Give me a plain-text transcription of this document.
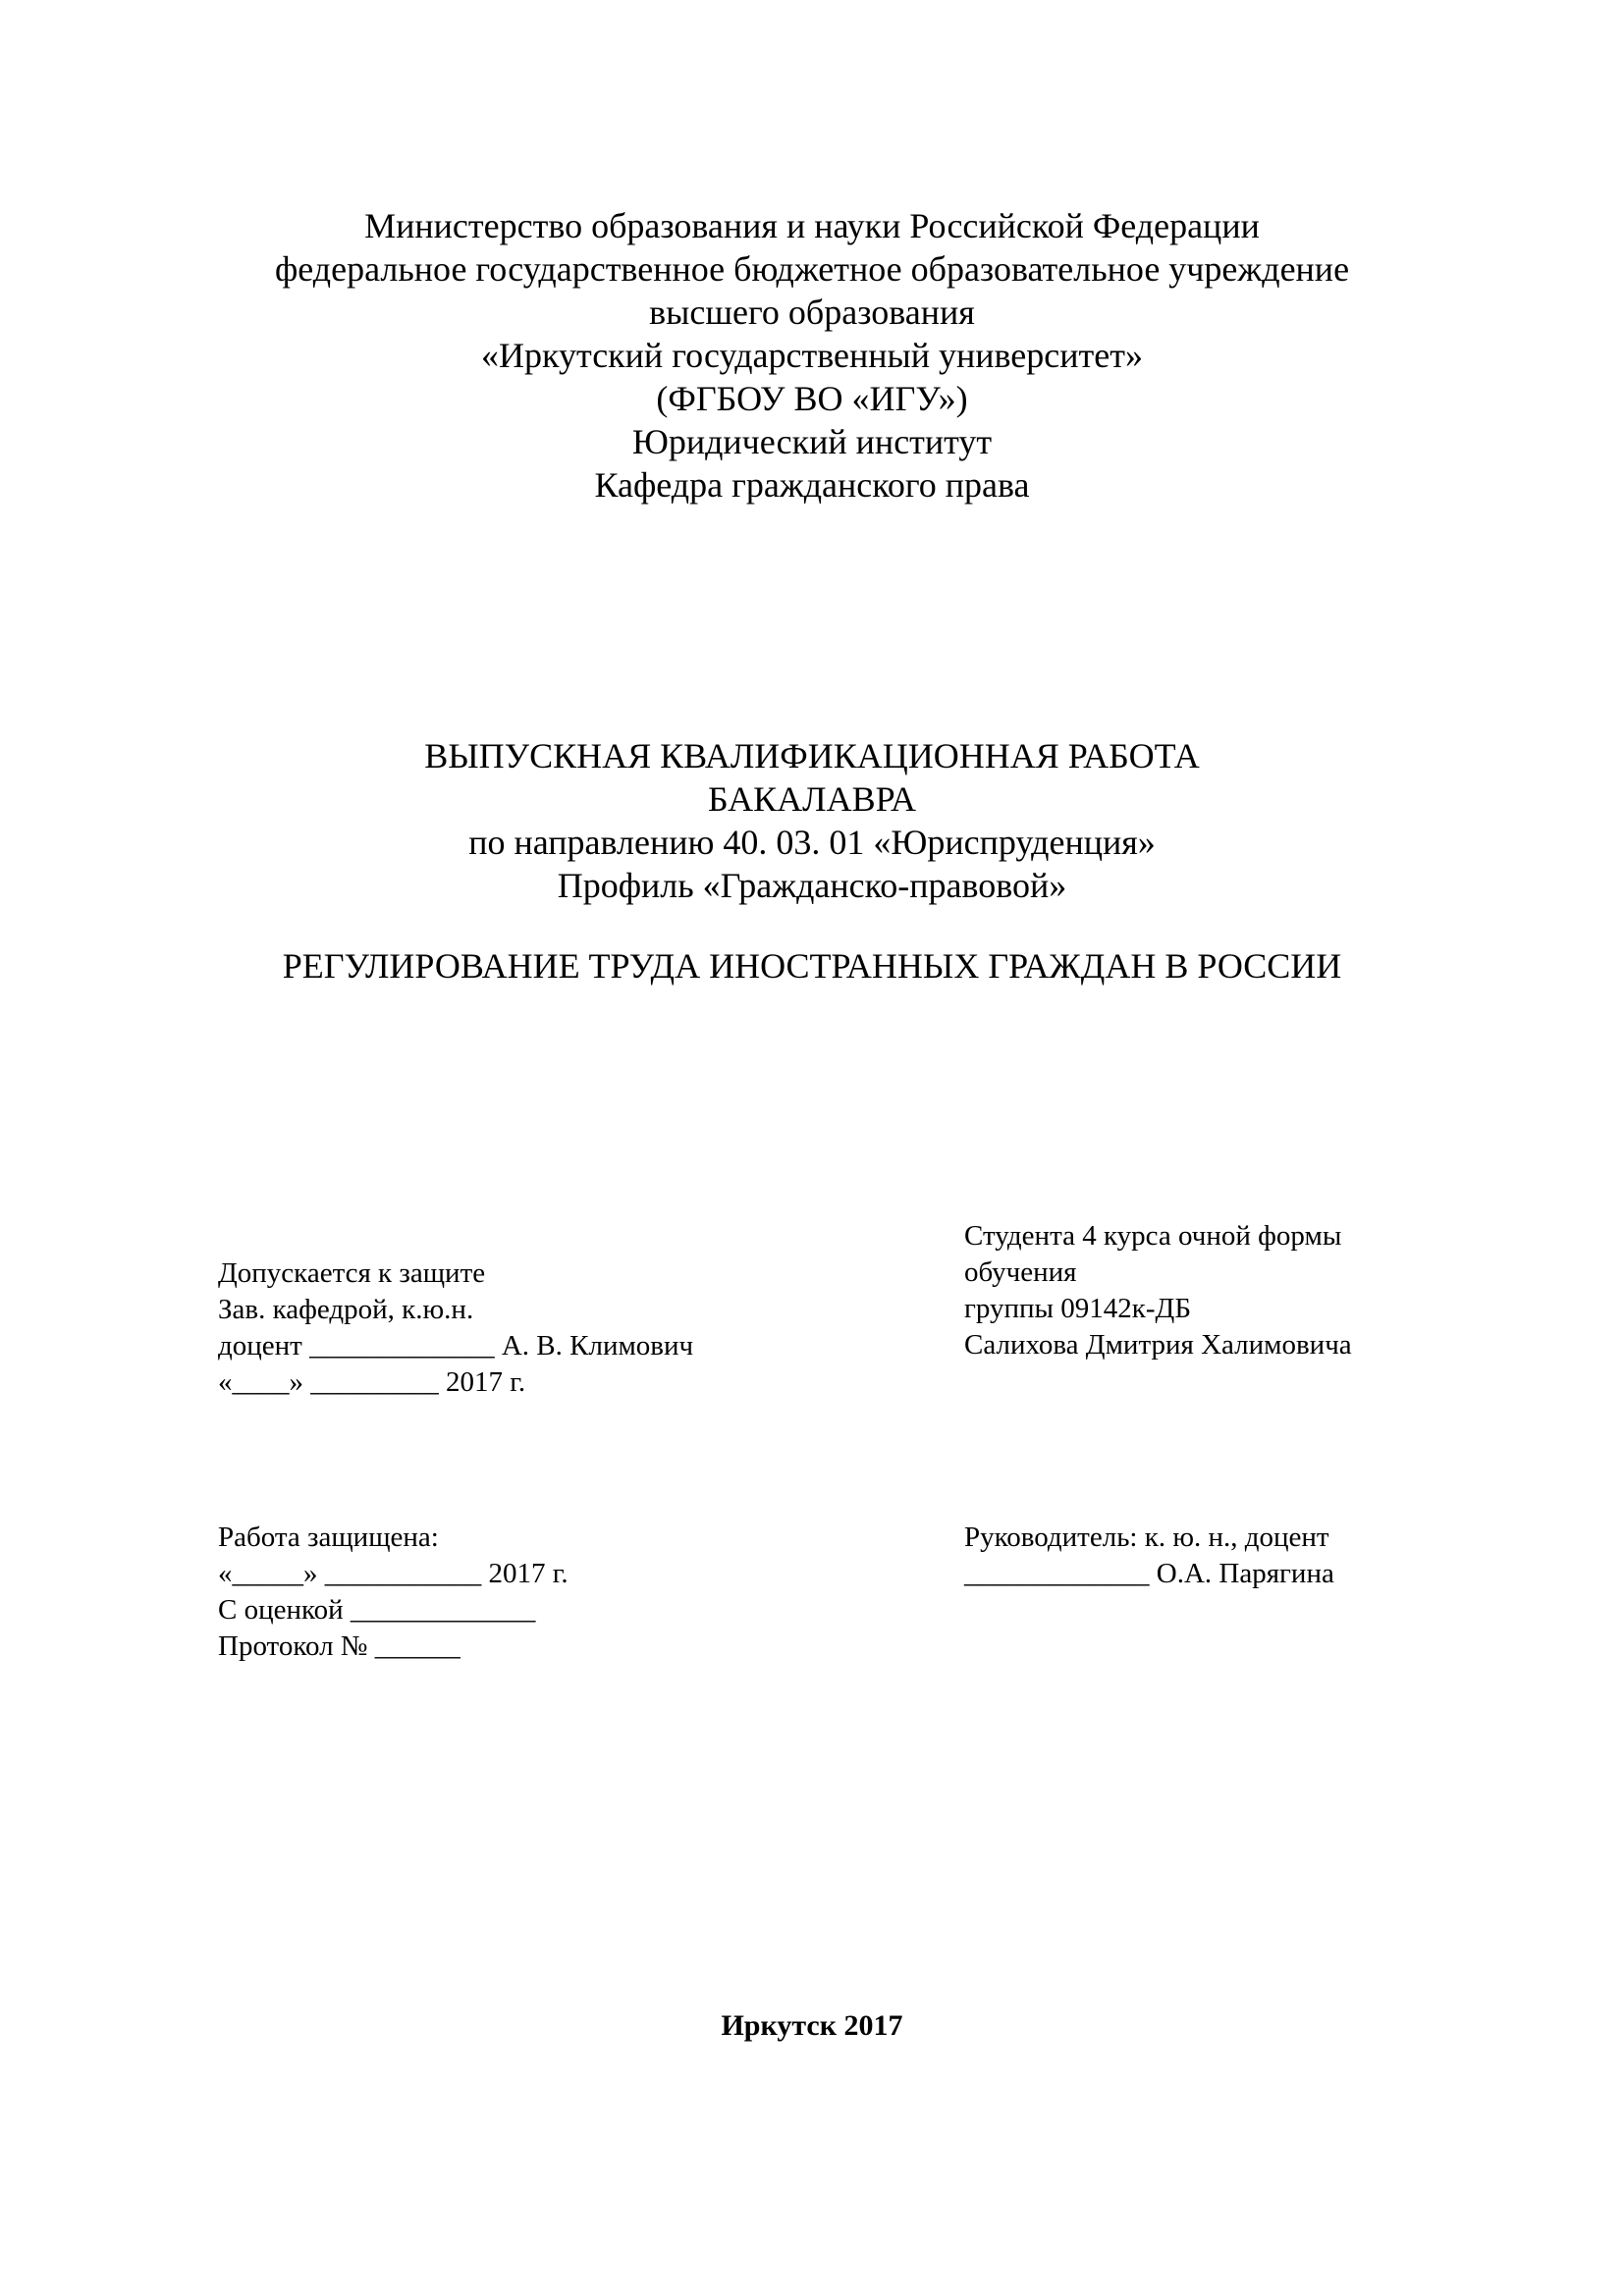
Министерство образования и науки Российской Федерации
федеральное государственное бюджетное образовательное учреждение
высшего образования
«Иркутский государственный университет»
(ФГБОУ ВО «ИГУ»)
Юридический институт
Кафедра гражданского права
ВЫПУСКНАЯ КВАЛИФИКАЦИОННАЯ РАБОТА
БАКАЛАВРА
по направлению 40. 03. 01 «Юриспруденция»
Профиль «Гражданско-правовой»
РЕГУЛИРОВАНИЕ ТРУДА ИНОСТРАННЫХ ГРАЖДАН В РОССИИ
Допускается к защите
Зав. кафедрой, к.ю.н.
доцент _____________ А. В. Климович
«____» _________ 2017 г.
Студента 4 курса очной формы
обучения
группы 09142к-ДБ
Салихова Дмитрия Халимовича
Работа защищена:
«_____» ___________ 2017 г.
С оценкой _____________
Протокол № ______
Руководитель: к. ю. н., доцент
_____________ О.А. Парягина
Иркутск 2017
